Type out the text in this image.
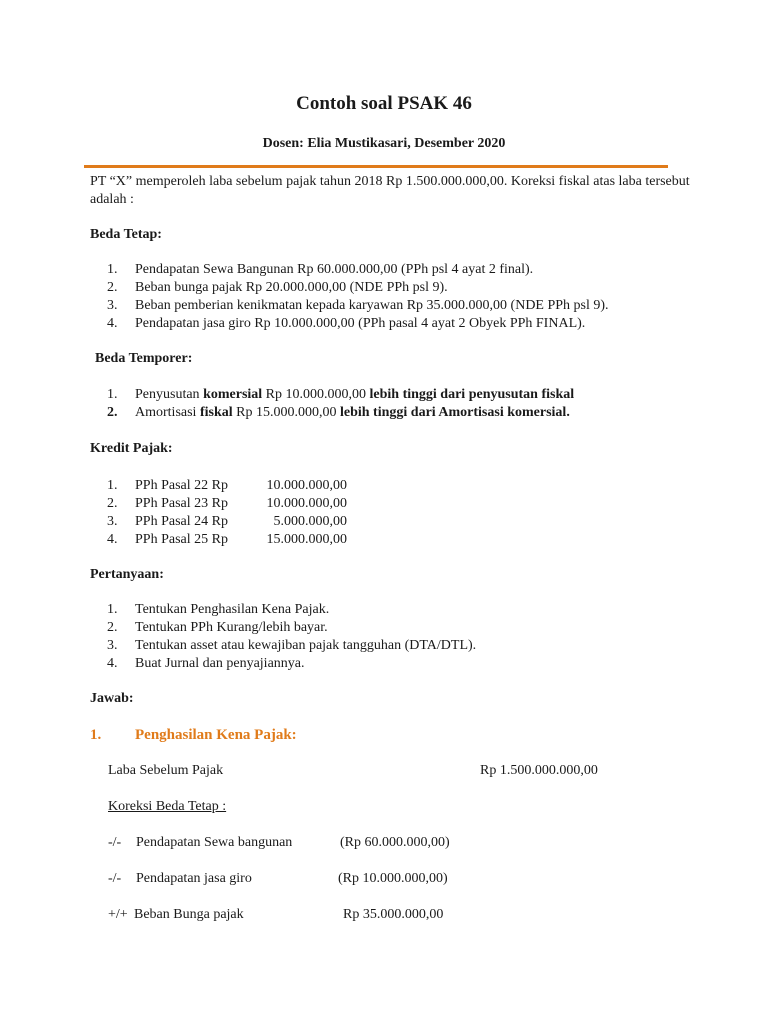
Contoh soal PSAK 46
Dosen: Elia Mustikasari, Desember 2020
PT “X” memperoleh laba sebelum pajak tahun 2018 Rp 1.500.000.000,00. Koreksi fiskal atas laba tersebut adalah :
Beda Tetap:
1. Pendapatan Sewa Bangunan Rp 60.000.000,00 (PPh psl 4 ayat 2 final).
2. Beban bunga pajak Rp 20.000.000,00 (NDE PPh psl 9).
3. Beban pemberian kenikmatan kepada karyawan Rp 35.000.000,00 (NDE PPh psl 9).
4. Pendapatan jasa giro Rp 10.000.000,00 (PPh pasal 4 ayat 2 Obyek PPh FINAL).
Beda Temporer:
1. Penyusutan komersial Rp 10.000.000,00 lebih tinggi dari penyusutan fiskal
2. Amortisasi fiskal Rp 15.000.000,00 lebih tinggi dari Amortisasi komersial.
Kredit Pajak:
1. PPh Pasal 22 Rp	10.000.000,00
2. PPh Pasal 23 Rp	10.000.000,00
3. PPh Pasal 24 Rp	5.000.000,00
4. PPh Pasal 25 Rp	15.000.000,00
Pertanyaan:
1. Tentukan Penghasilan Kena Pajak.
2. Tentukan PPh Kurang/lebih bayar.
3. Tentukan asset atau kewajiban pajak tangguhan (DTA/DTL).
4. Buat Jurnal dan penyajiannya.
Jawab:
1. Penghasilan Kena Pajak:
Laba Sebelum Pajak	Rp 1.500.000.000,00
Koreksi Beda Tetap :
-/- Pendapatan Sewa bangunan	(Rp 60.000.000,00)
-/- Pendapatan jasa giro	(Rp 10.000.000,00)
+/+ Beban Bunga pajak	Rp 35.000.000,00
